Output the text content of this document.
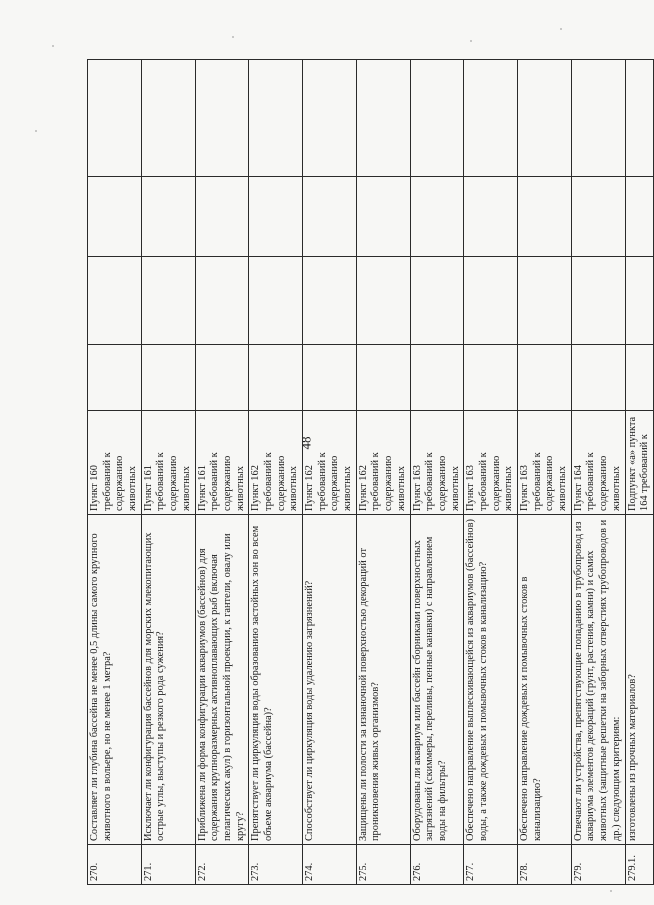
48
270.	Составляет ли глубина бассейна не менее 0,5 длины самого крупного животного в вольере, но не менее 1 метра?	Пункт 160 требований к содержанию животных				
271.	Исключает ли конфигурация бассейнов для морских млекопитающих острые углы, выступы и резкого рода сужения?	Пункт 161 требований к содержанию животных				
272.	Приближена ли форма конфигурации аквариумов (бассейнов) для содержания крупноразмерных активноплавающих рыб (включая пелагических акул) в горизонтальной проекции, к гантели, овалу или кругу?	Пункт 161 требований к содержанию животных				
273.	Препятствует ли циркуляция воды образованию застойных зон во всем объеме аквариума (бассейна)?	Пункт 162 требований к содержанию животных				
274.	Способствует ли циркуляция воды удалению загрязнений?	Пункт 162 требований к содержанию животных				
275.	Защищены ли полости за изнаночной поверхностью декораций от проникновения живых организмов?	Пункт 162 требований к содержанию животных				
276.	Оборудованы ли аквариум или бассейн сборниками поверхностных загрязнений (скиммеры, переливы, пенные канавки) с направлением воды на фильтры?	Пункт 163 требований к содержанию животных				
277.	Обеспечено направление выплескивающейся из аквариумов (бассейнов) воды, а также дождевых и помывочных стоков в канализацию?	Пункт 163 требований к содержанию животных				
278.	Обеспечено направление дождевых и помывочных стоков в канализацию?	Пункт 163 требований к содержанию животных				
279.	Отвечают ли устройства, препятствующие попаданию в трубопровод из аквариума элементов декораций (грунт, растения, камни) и самих животных (защитные решетки на заборных отверстиях трубопроводов и др.) следующим критериям:	Пункт 164 требований к содержанию животных				
279.1.	изготовлены из прочных материалов?	Подпункт «а» пункта 164 требований к				
